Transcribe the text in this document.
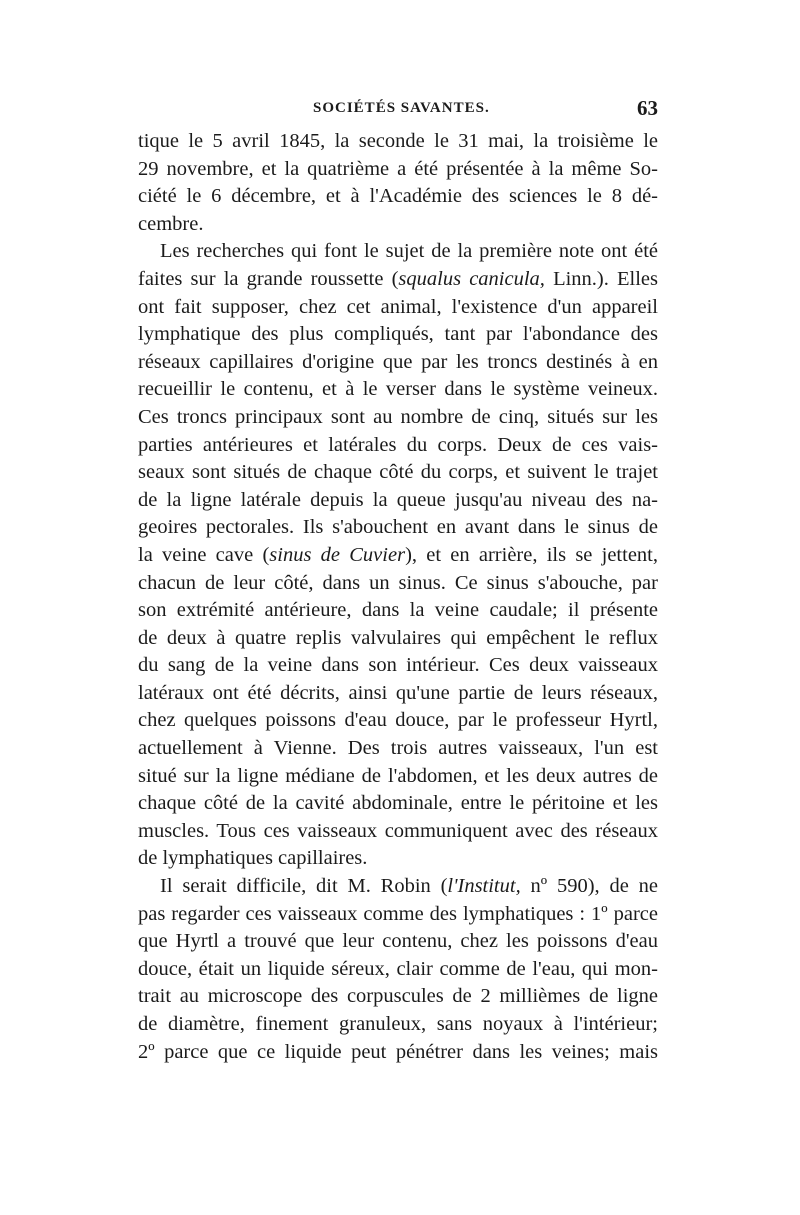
SOCIÉTÉS SAVANTES.	63
tique le 5 avril 1845, la seconde le 31 mai, la troisième le
29 novembre, et la quatrième a été présentée à la même So-
ciété le 6 décembre, et à l'Académie des sciences le 8 dé-
cembre.
Les recherches qui font le sujet de la première note ont été
faites sur la grande roussette (squalus canicula, Linn.). Elles
ont fait supposer, chez cet animal, l'existence d'un appareil
lymphatique des plus compliqués, tant par l'abondance des
réseaux capillaires d'origine que par les troncs destinés à en
recueillir le contenu, et à le verser dans le système veineux.
Ces troncs principaux sont au nombre de cinq, situés sur les
parties antérieures et latérales du corps. Deux de ces vais-
seaux sont situés de chaque côté du corps, et suivent le trajet
de la ligne latérale depuis la queue jusqu'au niveau des na-
geoires pectorales. Ils s'abouchent en avant dans le sinus de
la veine cave (sinus de Cuvier), et en arrière, ils se jettent,
chacun de leur côté, dans un sinus. Ce sinus s'abouche, par
son extrémité antérieure, dans la veine caudale; il présente
de deux à quatre replis valvulaires qui empêchent le reflux
du sang de la veine dans son intérieur. Ces deux vaisseaux
latéraux ont été décrits, ainsi qu'une partie de leurs réseaux,
chez quelques poissons d'eau douce, par le professeur Hyrtl,
actuellement à Vienne. Des trois autres vaisseaux, l'un est
situé sur la ligne médiane de l'abdomen, et les deux autres de
chaque côté de la cavité abdominale, entre le péritoine et les
muscles. Tous ces vaisseaux communiquent avec des réseaux
de lymphatiques capillaires.
Il serait difficile, dit M. Robin (l'Institut, nº 590), de ne
pas regarder ces vaisseaux comme des lymphatiques : 1º parce
que Hyrtl a trouvé que leur contenu, chez les poissons d'eau
douce, était un liquide séreux, clair comme de l'eau, qui mon-
trait au microscope des corpuscules de 2 millièmes de ligne
de diamètre, finement granuleux, sans noyaux à l'intérieur;
2º parce que ce liquide peut pénétrer dans les veines; mais
